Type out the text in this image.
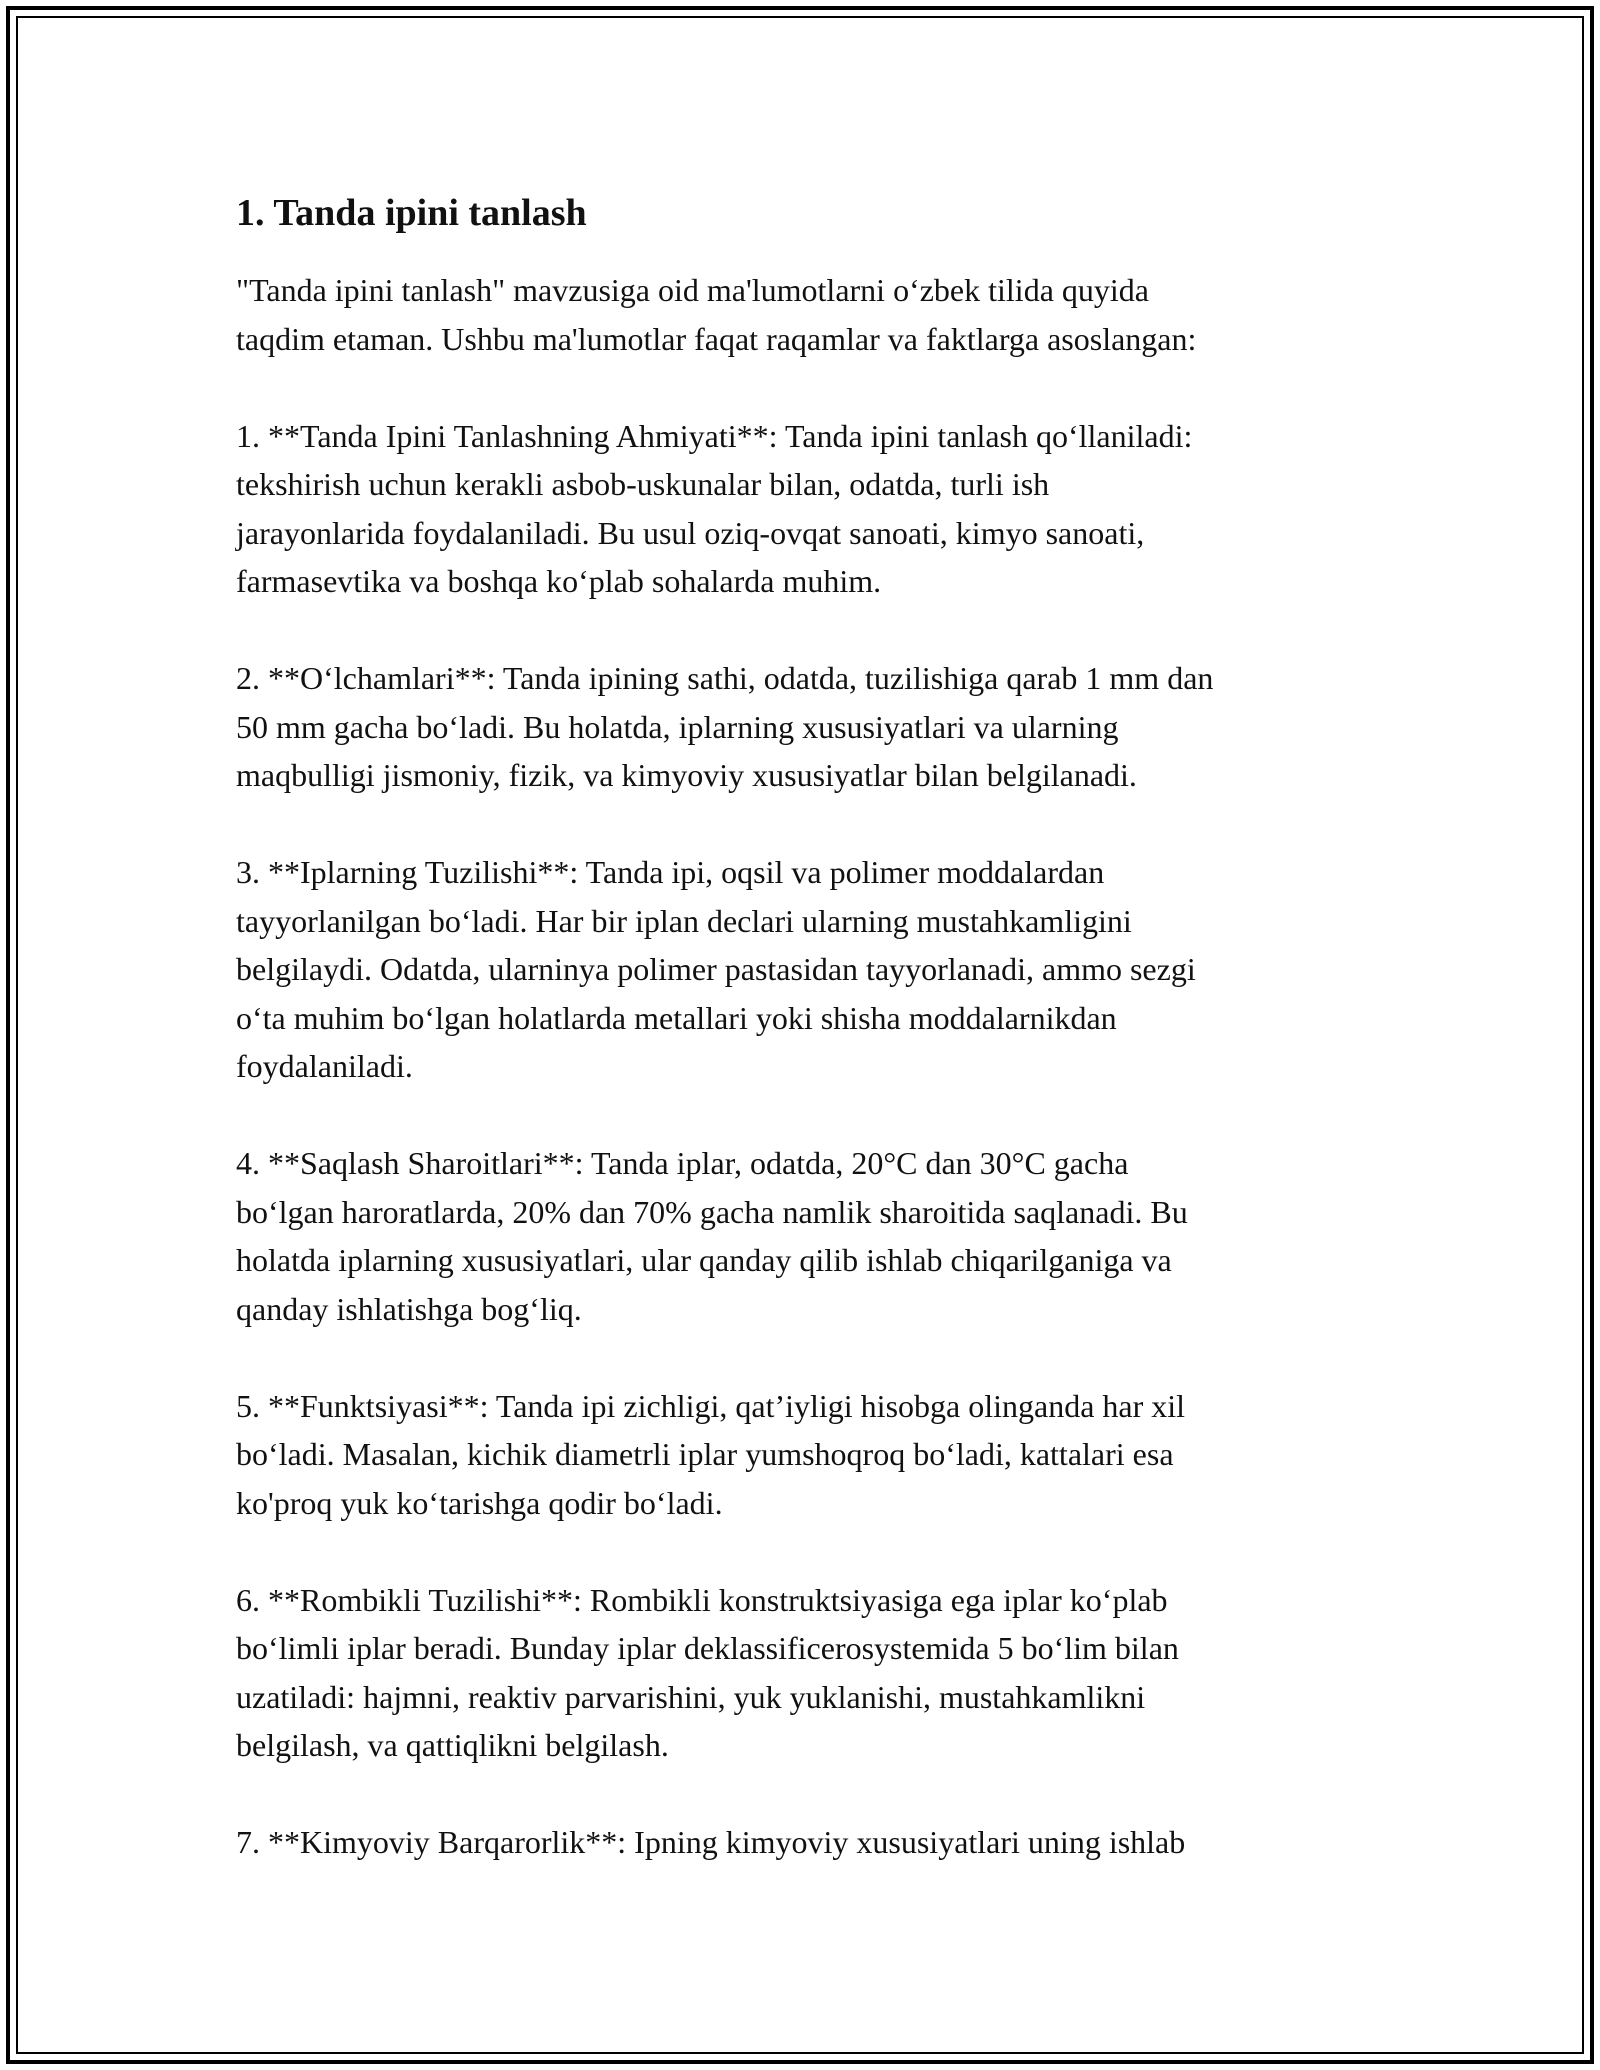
1. Tanda ipini tanlash

"Tanda ipini tanlash" mavzusiga oid ma'lumotlarni o‘zbek tilida quyida
taqdim etaman. Ushbu ma'lumotlar faqat raqamlar va faktlarga asoslangan:

1. **Tanda Ipini Tanlashning Ahmiyati**: Tanda ipini tanlash qo‘llaniladi:
tekshirish uchun kerakli asbob-uskunalar bilan, odatda, turli ish
jarayonlarida foydalaniladi. Bu usul oziq-ovqat sanoati, kimyo sanoati,
farmasevtika va boshqa ko‘plab sohalarda muhim.

2. **O‘lchamlari**: Tanda ipining sathi, odatda, tuzilishiga qarab 1 mm dan
50 mm gacha bo‘ladi. Bu holatda, iplarning xususiyatlari va ularning
maqbulligi jismoniy, fizik, va kimyoviy xususiyatlar bilan belgilanadi.

3. **Iplarning Tuzilishi**: Tanda ipi, oqsil va polimer moddalardan
tayyorlanilgan bo‘ladi. Har bir iplan declari ularning mustahkamligini
belgilaydi. Odatda, ularninya polimer pastasidan tayyorlanadi, ammo sezgi
o‘ta muhim bo‘lgan holatlarda metallari yoki shisha moddalarnikdan
foydalaniladi.

4. **Saqlash Sharoitlari**: Tanda iplar, odatda, 20°C dan 30°C gacha
bo‘lgan haroratlarda, 20% dan 70% gacha namlik sharoitida saqlanadi. Bu
holatda iplarning xususiyatlari, ular qanday qilib ishlab chiqarilganiga va
qanday ishlatishga bog‘liq.

5. **Funktsiyasi**: Tanda ipi zichligi, qat’iyligi hisobga olinganda har xil
bo‘ladi. Masalan, kichik diametrli iplar yumshoqroq bo‘ladi, kattalari esa
ko'proq yuk ko‘tarishga qodir bo‘ladi.

6. **Rombikli Tuzilishi**: Rombikli konstruktsiyasiga ega iplar ko‘plab
bo‘limli iplar beradi. Bunday iplar deklassificerosystemida 5 bo‘lim bilan
uzatiladi: hajmni, reaktiv parvarishini, yuk yuklanishi, mustahkamlikni
belgilash, va qattiqlikni belgilash.

7. **Kimyoviy Barqarorlik**: Ipning kimyoviy xususiyatlari uning ishlab
